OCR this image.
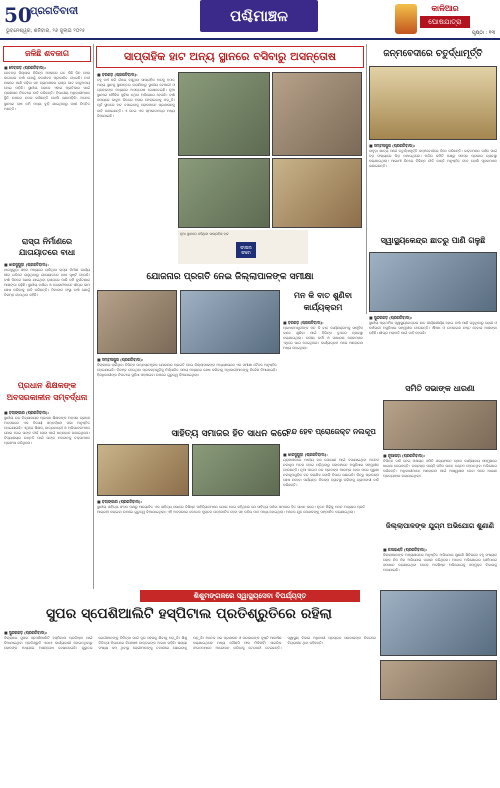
50
ପ୍ରଗତିବାଦୀ
ଭୁବନେଶ୍ୱର, ଶନିବାର, ୨୬ ଜୁଲାଇ ୨୦୨୫
ପଶ୍ଚିମାଞ୍ଚଳ	କାଳିଆର
ଘୋଷଯାତ୍ରା
ପୃଷ୍ଠା : ୧୩
ଜଳିଛି ଶବଜାଗ
■ ଦେବଗଡ଼ (ପ୍ରଗତିବାଦୀ):
ଦେବଗଡ଼ ଜିଲ୍ଲାର ବିଭିନ୍ନ ଅଞ୍ଚଳରେ ଗତ କିଛି ଦିନ ହେଲା ଲଗାତାର ବର୍ଷା ଯୋଗୁଁ ଜନଜୀବନ ପ୍ରଭାବିତ ହୋଇଛି। ନଦୀ ନାଳରେ ପାଣି ବଢ଼ିବା ସହ ଗ୍ରାମାଞ୍ଚଳର ରାସ୍ତା ଘାଟ କାଦୁଅମୟ ହୋଇ ପଡ଼ିଛି। ସ୍ଥାନୀୟ ଲୋକେ ଏହାର ପ୍ରତିକାର ପାଇଁ ପ୍ରଶାସନ ନିକଟରେ ଦାବି କରିଛନ୍ତି। ବିଭାଗୀୟ ଅଧିକାରୀମାନେ ସ୍ଥିତି ଉପରେ ନଜର ରଖିଛନ୍ତି ବୋଲି ଜଣାପଡ଼ିଛି। ଅନେକ ସ୍ଥାନରେ ଚାଷ ଜମି ମଧ୍ୟ ବୁଡ଼ି ଯାଇଥିବାରୁ ଚାଷୀ ଚିନ୍ତିତ ଅଛନ୍ତି।
ରାସ୍ତା ନିର୍ମାଣରେ ଯାତାୟାତରେ ବାଧା
■ ଝାରସୁଗୁଡ଼ା (ପ୍ରଗତିବାଦୀ):
ଝାରସୁଗୁଡ଼ା ସହର ମଧ୍ୟରେ ଚାଲିଥିବା ରାସ୍ତା ନିର୍ମାଣ କାର୍ଯ୍ୟ ଧୀର ଗତିରେ ଚାଲୁଥିବାରୁ ଯାତାୟାତରେ ବାଧା ସୃଷ୍ଟି ହେଉଛି। ବର୍ଷା ଦିନରେ ଖୋଳା ଯାଇଥିବା ରାସ୍ତାରେ ପାଣି ଜମି ଦୁର୍ଘଟଣାର ଆଶଙ୍କା ବଢ଼ିଛି। ସ୍ଥାନୀୟ ବାସିନ୍ଦା ଓ ଦୋକାନୀମାନେ ଶୀଘ୍ର କାମ ଶେଷ କରିବାକୁ ଦାବି କରିଛନ୍ତି। ଠିକାଦାର ସଂସ୍ଥା ବର୍ଷା ଯୋଗୁଁ ବିଳମ୍ବ ହେଉଥିବା କହିଛି।
ପ୍ରଧାନ ଶିକ୍ଷକଙ୍କ ଅବସରକାଳୀନ ସମ୍ବର୍ଦ୍ଧନା
■ ବଲାଙ୍ଗୀର (ପ୍ରଗତିବାଦୀ):
ସ୍ଥାନୀୟ ଉଚ୍ଚ ବିଦ୍ୟାଳୟର ପ୍ରଧାନ ଶିକ୍ଷକଙ୍କ ଅବସର ଗ୍ରହଣ ଅବସରରେ ଏକ ବିଦାୟୀ ସମ୍ବର୍ଦ୍ଧନା ସଭା ଅନୁଷ୍ଠିତ ହୋଇଯାଇଛି। ଏଥିରେ ଶିକ୍ଷକ, ଛାତ୍ରଛାତ୍ରୀ ଓ ଅଭିଭାବକମାନେ ଯୋଗ ଦେଇ ତାଙ୍କ ଦୀର୍ଘ ସେବା ପାଇଁ ଧନ୍ୟବାଦ ଜଣାଇଥିଲେ। ବିଦ୍ୟାଳୟର ଉନ୍ନତି ପାଇଁ ତାଙ୍କ ଅବଦାନକୁ ବକ୍ତାମାନେ ପ୍ରଶଂସା କରିଥିଲେ।
ସାପ୍ତାହିକ ହାଟ ଅନ୍ୟ ସ୍ଥାନରେ ବସିବାରୁ ଅସନ୍ତୋଷ
■ ବରଗଡ଼ (ପ୍ରଗତିବାଦୀ):
ବହୁ ବର୍ଷ ଧରି ଗାଁରେ ବସୁଥିବା ସାପ୍ତାହିକ ହାଟକୁ ହଠାତ୍ ଅନ୍ୟ ସ୍ଥାନକୁ ସ୍ଥାନାନ୍ତର କରାଯିବାରୁ ସ୍ଥାନୀୟ ବେପାରୀ ଓ ଗ୍ରାହକଙ୍କ ମଧ୍ୟରେ ଅସନ୍ତୋଷ ଦେଖାଦେଇଛି। ନୂଆ ସ୍ଥାନରେ ମୌଳିକ ସୁବିଧା ନଥିବା ଅଭିଯୋଗ ହେଉଛି। ବର୍ଷା ସମୟରେ କାଦୁଅ ଭିତରେ ପସରା ମେଲାଇବାକୁ ପଡ଼ୁଛି। ପୂର୍ବ ସ୍ଥାନରେ ହାଟ ବସାଇବାକୁ ଲୋକମାନେ ପ୍ରଶାସନକୁ ଦାବି ଜଣାଇଛନ୍ତି। ଏ ନେଇ ଏକ ସ୍ମାରକପତ୍ର ମଧ୍ୟ ଦିଆଯାଇଛି।
ନୂଆ ସ୍ଥାନରେ ବସିଥିବା ସାପ୍ତାହିକ ହାଟ
ଫାଇଲ ଫଟୋ
ଜନ୍ମବେଦୀରେ ଚତୁର୍ଦ୍ଧାମୂର୍ତ୍ତି
■ ସମ୍ବଲପୁର (ପ୍ରଗତିବାଦୀ):
ବାହୁଡ଼ା ଯାତ୍ରା ପରେ ଚତୁର୍ଦ୍ଧାମୂର୍ତ୍ତି ଜନ୍ମବେଦୀରେ ବିଜେ କରିଛନ୍ତି। ଭକ୍ତମାନେ ଦର୍ଶନ ପାଇଁ ବଡ଼ ସଂଖ୍ୟାରେ ଭିଡ଼ ଜମାଇଥିଲେ। ମନ୍ଦିର କମିଟି ପକ୍ଷରୁ ସମସ୍ତ ପ୍ରକାର ବ୍ୟବସ୍ଥା କରାଯାଇଥିଲା। ଆଗାମୀ ଦିନରେ ବିଭିନ୍ନ ନୀତି କାନ୍ତି ଅନୁଷ୍ଠିତ ହେବ ବୋଲି ପୂଜକମାନେ ଜଣାଇଛନ୍ତି।
ସ୍ୱାସ୍ଥ୍ୟକେନ୍ଦ୍ର ଛାତରୁ ପାଣି ଗଳୁଛି
■ ସୁନ୍ଦରଗଡ଼ (ପ୍ରଗତିବାଦୀ):
ସ୍ଥାନୀୟ ପ୍ରାଥମିକ ସ୍ୱାସ୍ଥ୍ୟକେନ୍ଦ୍ରର ଛାତ ଜୀର୍ଣ୍ଣଶୀର୍ଣ୍ଣ ହୋଇ ବର୍ଷା ପାଣି ଗଳୁଥିବାରୁ ରୋଗୀ ଓ କର୍ମଚାରୀ ଅସୁବିଧାର ସମ୍ମୁଖୀନ ହେଉଛନ୍ତି। ଔଷଧ ଓ ଉପକରଣ ନଷ୍ଟ ହେବାର ଆଶଙ୍କା ରହିଛି। ଶୀଘ୍ର ମରାମତି ପାଇଁ ଦାବି ହେଉଛି।
ଯୋଜନାର ପ୍ରଗତି ନେଇ ଜିଲ୍ଲାପାଳଙ୍କ ସମୀକ୍ଷା
■ ସମ୍ବଲପୁର (ପ୍ରଗତିବାଦୀ):
ଜିଲ୍ଲାରେ ଚାଲିଥିବା ବିଭିନ୍ନ ଉନ୍ନୟନମୂଳକ ଯୋଜନାର ପ୍ରଗତି ନେଇ ଜିଲ୍ଲାପାଳଙ୍କ ଅଧ୍ୟକ୍ଷତାରେ ଏକ ସମୀକ୍ଷା ବୈଠକ ଅନୁଷ୍ଠିତ ହୋଇଯାଇଛି। ବିଳମ୍ବ ହେଉଥିବା ପ୍ରକଳ୍ପଗୁଡ଼ିକୁ ନିର୍ଦ୍ଧାରିତ ସମୟ ମଧ୍ୟରେ ଶେଷ କରିବାକୁ ଅଧିକାରୀମାନଙ୍କୁ ନିର୍ଦ୍ଦେଶ ଦିଆଯାଇଛି। ହିତାଧିକାରୀଙ୍କ ନିକଟରେ ସୁବିଧା ପହଞ୍ଚାଇବା ଉପରେ ଗୁରୁତ୍ୱ ଦିଆଯାଇଥିଲା।
ମନ କି ବାତ ଶୁଣିବା କାର୍ଯ୍ୟକ୍ରମ
■ ବରଗଡ଼ (ପ୍ରଗତିବାଦୀ):
ପ୍ରଧାନମନ୍ତ୍ରୀଙ୍କ ମନ କି ବାତ କାର୍ଯ୍ୟକ୍ରମକୁ ସାମୂହିକ ଭାବେ ଶୁଣିବା ପାଇଁ ବିଭିନ୍ନ ବୁଥରେ ବ୍ୟବସ୍ଥା କରାଯାଇଥିଲା। ଦଳୀୟ କର୍ମୀ ଓ ସାଧାରଣ ଲୋକମାନେ ଏଥିରେ ଭାଗ ନେଇଥିଲେ। କାର୍ଯ୍ୟକ୍ରମ ପରେ ଆଲୋଚନା ମଧ୍ୟ ହୋଇଥିଲା।
ସାହିତ୍ୟ ସମାଜର ହିତ ସାଧନ କରେ
■ ବଲାଙ୍ଗୀର (ପ୍ରଗତିବାଦୀ):
ସ୍ଥାନୀୟ ସାହିତ୍ୟ ସଂସଦ ପକ୍ଷରୁ ଆୟୋଜିତ ଏକ ସାହିତ୍ୟ ସଭାରେ ବିଶିଷ୍ଟ ସାହିତ୍ୟିକମାନେ ଯୋଗ ଦେଇ କହିଥିଲେ ଯେ ସାହିତ୍ୟ ସର୍ବଦା ସମାଜର ହିତ ସାଧନ କରେ। ନୂତନ ପିଢ଼ିକୁ ପଠନ ଅଭ୍ୟାସ ପ୍ରତି ଆଗ୍ରହୀ କରାଇବା ଉପରେ ଗୁରୁତ୍ୱ ଦିଆଯାଇଥିଲା। ଏହି ଅବସରରେ କେତେକ ପୁସ୍ତକ ଉନ୍ମୋଚିତ ହେବା ସହ କବିତା ପାଠ ମଧ୍ୟ ହୋଇଥିଲା। ଅନେକ ଯୁବ ଲେଖକଙ୍କୁ ସମ୍ମାନିତ କରାଯାଇଥିଲା।
ବନ୍ଦ ହେବ ପ୍ରୋଜେକ୍ଟ ନଲକୂପ
■ ଝାରସୁଗୁଡ଼ା (ପ୍ରଗତିବାଦୀ):
ଗ୍ରାମାଞ୍ଚଳରେ ପାନୀୟ ଜଳ ଯୋଗାଣ ପାଇଁ ବସାଯାଇଥିବା ଅନେକ ନଲକୂପ ଅଚଳ ହୋଇ ପଡ଼ିଥିବାରୁ ଲୋକମାନେ ଅସୁବିଧାର ସମ୍ମୁଖୀନ ହେଉଛନ୍ତି। ନୂଆ ପାଇପ ଜଳ ପ୍ରକଳ୍ପ ଆରମ୍ଭ ହେବା ପରେ ପୁରୁଣା ନଲକୂପଗୁଡ଼ିକ ବନ୍ଦ କରାଯିବ ବୋଲି ବିଭାଗ ଜଣାଇଛି। କିନ୍ତୁ ପ୍ରକଳ୍ପ ଶେଷ ନହେବା ପର୍ଯ୍ୟନ୍ତ ବିକଳ୍ପ ବ୍ୟବସ୍ଥା କରିବାକୁ ଗ୍ରାମବାସୀ ଦାବି କରିଛନ୍ତି।
ସମିତି ସଭାଙ୍କ ଧାରଣା
■ ନୂଆପଡ଼ା (ପ୍ରଗତିବାଦୀ):
ବିଭିନ୍ନ ଦାବି ନେଇ ପଞ୍ଚାୟତ ସମିତି ସଭ୍ୟମାନେ ବ୍ଲକ କାର୍ଯ୍ୟାଳୟ ସମ୍ମୁଖରେ ଧାରଣା ଦେଇଛନ୍ତି। ଉନ୍ନୟନ ପାଣ୍ଠି ସଠିକ ଭାବେ ବଣ୍ଟନ ହେଉନଥିବା ଅଭିଯୋଗ କରିଛନ୍ତି। ଅଧିକାରୀମାନେ ଆଲୋଚନା ପାଇଁ ଆଶ୍ୱାସନା ଦେବା ପରେ ଧାରଣା ପ୍ରତ୍ୟାହାର କରାଯାଇଥିଲା।
ଜିଲ୍ଲାପାଳଙ୍କ ଯୁଗ୍ମ ଅଭିଯୋଗ ଶୁଣାଣି
■ କଳାହାଣ୍ଡି (ପ୍ରଗତିବାଦୀ):
ଜିଲ୍ଲାପାଳଙ୍କ ଅଧ୍ୟକ୍ଷତାରେ ଅନୁଷ୍ଠିତ ଅଭିଯୋଗ ଶୁଣାଣି ଶିବିରରେ ବହୁ ସଂଖ୍ୟକ ଲୋକ ନିଜ ନିଜ ଅଭିଯୋଗ ଦାଖଲ କରିଥିଲେ। ଅନେକ ଅଭିଯୋଗର ସେହିଠାରେ ସମାଧାନ କରାଯାଇଥିବା ବେଳେ ଅବଶିଷ୍ଟ ଅଭିଯୋଗକୁ ସମ୍ପୃକ୍ତ ବିଭାଗକୁ ପଠାଯାଇଛି।
ଶିଶୁମଙ୍ଗଳରେ ସ୍ୱାସ୍ଥ୍ୟସେବା ବିପର୍ଯ୍ୟସ୍ତ
ସୁପର ସ୍ପେଶିଆଲିଟି ହସ୍ପିଟାଲ ପ୍ରତିଶ୍ରୁତିରେ ରହିଲା
■ ସୁନ୍ଦରଗଡ଼ (ପ୍ରଗତିବାଦୀ):
ଜିଲ୍ଲାରେ ସୁପର ସ୍ପେଶିଆଲିଟି ହସ୍ପିଟାଲ ପ୍ରତିଷ୍ଠା ପାଇଁ ଦିଆଯାଇଥିବା ପ୍ରତିଶ୍ରୁତି ଏଯାଏ କାର୍ଯ୍ୟକାରୀ ହୋଇନଥିବାରୁ ଲୋକଙ୍କ ମଧ୍ୟରେ ଅସନ୍ତୋଷ ଦେଖାଦେଇଛି। ଗୁରୁତର ରୋଗୀମାନଙ୍କୁ ଚିକିତ୍ସା ପାଇଁ ଦୂର ସହରକୁ ଯିବାକୁ ପଡ଼ୁଛି। ଶିଶୁ ଚିକିତ୍ସା ବିଭାଗରେ ବିଶେଷଜ୍ଞ ଡାକ୍ତରଙ୍କ ଅଭାବ ରହିଛି। ଶଯ୍ୟା ସଂଖ୍ୟା କମ୍ ଥିବାରୁ ରୋଗୀମାନଙ୍କୁ ଚଟାଣରେ ଶୋଇବାକୁ ପଡ଼ୁଛି। ଅନେକ ଥର ପ୍ରଶାସନ ଓ ସରକାରଙ୍କ ଦୃଷ୍ଟି ଆକର୍ଷଣ କରାଯାଇଥିଲେ ମଧ୍ୟ କୌଣସି ଫଳ ମିଳିନାହିଁ। ନାଗରିକ ସଂଗଠନମାନେ ଆନ୍ଦୋଳନ କରିବାକୁ ଚେତାବନୀ ଦେଇଛନ୍ତି। ସ୍ୱାସ୍ଥ୍ୟ ବିଭାଗ ଅଧିକାରୀ ପ୍ରସ୍ତାବ ସରକାରଙ୍କ ନିକଟରେ ବିଚାରାଧୀନ ଥିବା କହିଛନ୍ତି।
